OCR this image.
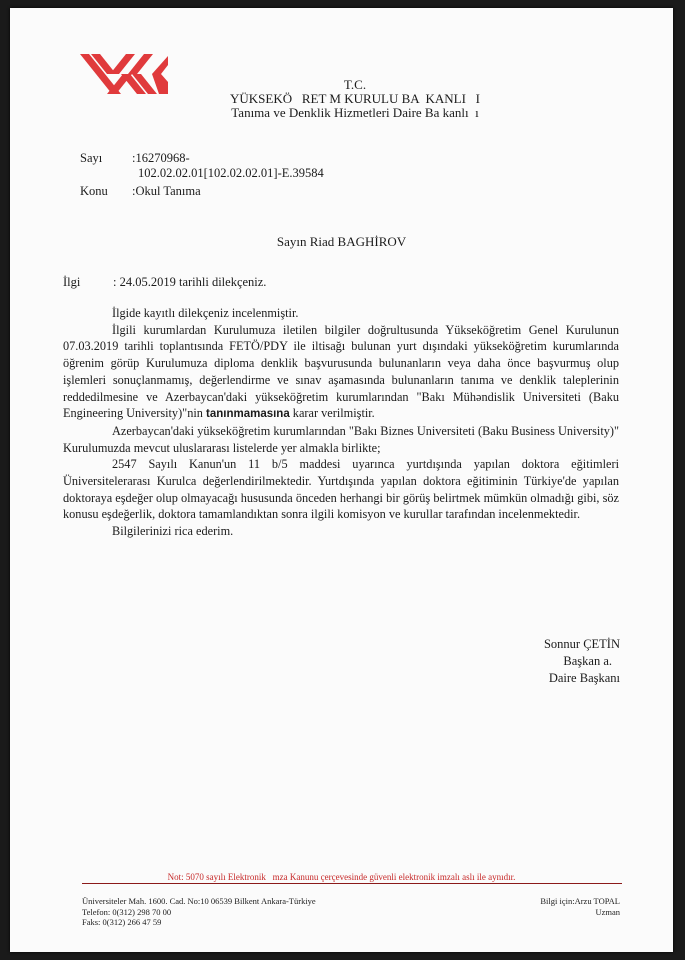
T.C.
YÜKSEKÖ   RET M KURULU BA  KANLI   I
Tanıma ve Denklik Hizmetleri Daire Ba kanlı  ı
Sayı :16270968-
102.02.02.01[102.02.02.01]-E.39584
Konu :Okul Tanıma
Sayın Riad BAGHİROV
İlgi	: 24.05.2019 tarihli dilekçeniz.

İlgide kayıtlı dilekçeniz incelenmiştir.

İlgili kurumlardan Kurulumuza iletilen bilgiler doğrultusunda Yükseköğretim Genel Kurulunun 07.03.2019 tarihli toplantısında FETÖ/PDY ile iltisağı bulunan yurt dışındaki yükseköğretim kurumlarında öğrenim görüp Kurulumuza diploma denklik başvurusunda bulunanların veya daha önce başvurmuş olup işlemleri sonuçlanmamış, değerlendirme ve sınav aşamasında bulunanların tanıma ve denklik taleplerinin reddedilmesine ve Azerbaycan'daki yükseköğretim kurumlarından "Bakı Mühəndislik Universiteti (Baku Engineering University)"nin tanınmamasına karar verilmiştir.

Azerbaycan'daki yükseköğretim kurumlarından "Bakı Biznes Universiteti (Baku Business University)" Kurulumuzda mevcut uluslararası listelerde yer almakla birlikte;

2547 Sayılı Kanun'un 11 b/5 maddesi uyarınca yurtdışında yapılan doktora eğitimleri Üniversitelerarası Kurulca değerlendirilmektedir. Yurtdışında yapılan doktora eğitiminin Türkiye'de yapılan doktoraya eşdeğer olup olmayacağı hususunda önceden herhangi bir görüş belirtmek mümkün olmadığı gibi, söz konusu eşdeğerlik, doktora tamamlandıktan sonra ilgili komisyon ve kurullar tarafından incelenmektedir.

Bilgilerinizi rica ederim.

Sonnur ÇETİN
Başkan a.
Daire Başkanı
Not: 5070 sayılı Elektronik   mza Kanunu çerçevesinde güvenli elektronik imzalı aslı ile aynıdır.
Üniversiteler Mah. 1600. Cad. No:10 06539 Bilkent Ankara-Türkiye
Telefon: 0(312) 298 70 00
Faks: 0(312) 266 47 59
Bilgi için:Arzu TOPAL
Uzman
